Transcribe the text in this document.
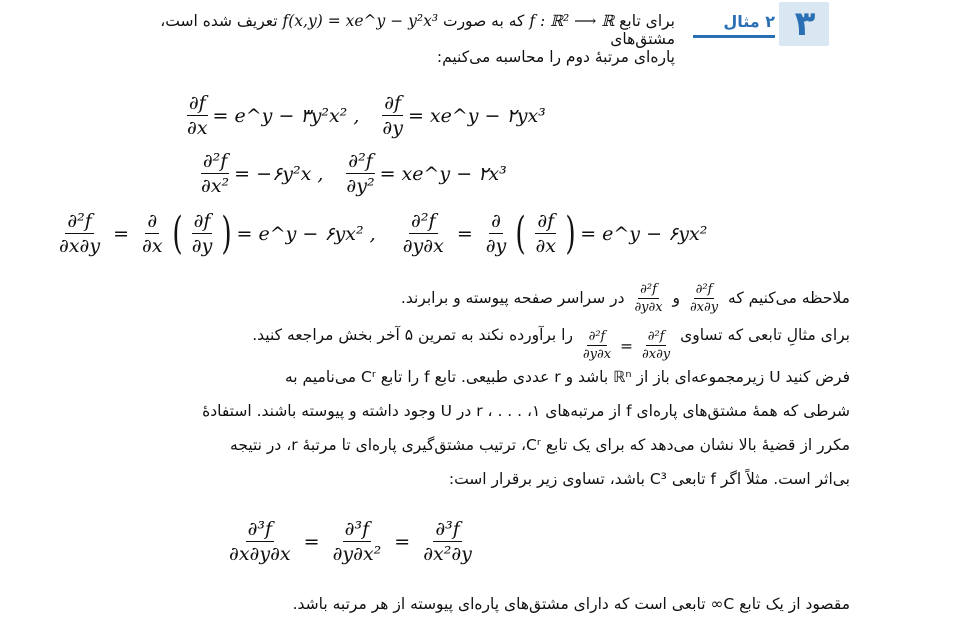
۳
۲ مثال
برای تابع f : ℝ² ⟶ ℝ که به صورت f(x,y) = xe^y − y²x³ تعریف شده است، مشتق‌های
پاره‌ای مرتبهٔ دوم را محاسبه می‌کنیم:
$\frac{\partial f}{\partial x}$ = e^y − ۳y²x² , $\frac{\partial f}{\partial y}$ = xe^y − ۲yx³
$\frac{\text{∂²f}}{\text{∂x²}}$ = −۶y²x , $\frac{\text{∂²f}}{\text{∂y²}}$ = xe^y − ۲x³
$\frac{\text{∂²f}}{\partial x\partial y} = \frac{\partial}{\partial x}$ ( $\frac{\partial f}{\partial y}$ ) = e^y − ۶yx² , $\frac{\text{∂²f}}{\partial y\partial x} = \frac{\partial}{\partial y}$ ( $\frac{\partial f}{\partial x}$ ) = e^y − ۶yx²
ملاحظه می‌کنیم که
$\frac{\text{∂²f}}{\partial x\partial y}$
و
$\frac{\text{∂²f}}{\partial y\partial x}$
در سراسر صفحه پیوسته و برابرند.
برای مثالِ تابعی که تساوی
$\frac{\text{∂²f}}{\partial y\partial x} = \frac{\text{∂²f}}{\partial x\partial y}$
را برآورده نکند به تمرین ۵ آخر بخش مراجعه کنید.
فرض کنید U زیرمجموعه‌ای باز از ℝⁿ باشد و r عددی طبیعی. تابع f را تابع Cʳ می‌نامیم به
شرطی که همهٔ مشتق‌های پاره‌ای f از مرتبه‌های ۱، . . . ، r در U وجود داشته و پیوسته باشند. استفادهٔ
مکرر از قضیهٔ بالا نشان می‌دهد که برای یک تابع Cʳ، ترتیب مشتق‌گیری پاره‌ای تا مرتبهٔ r، در نتیجه
بی‌اثر است. مثلاً اگر f تابعی C³ باشد، تساوی زیر برقرار است:
$\frac{\text{∂³f}}{\partial x\partial y\partial x} = \frac{\text{∂³f}}{\text{∂y∂x²}} = \frac{\text{∂³f}}{\text{∂x²∂y}}$
مقصود از یک تابع C∞ تابعی است که دارای مشتق‌های پاره‌ای پیوسته از هر مرتبه باشد.
